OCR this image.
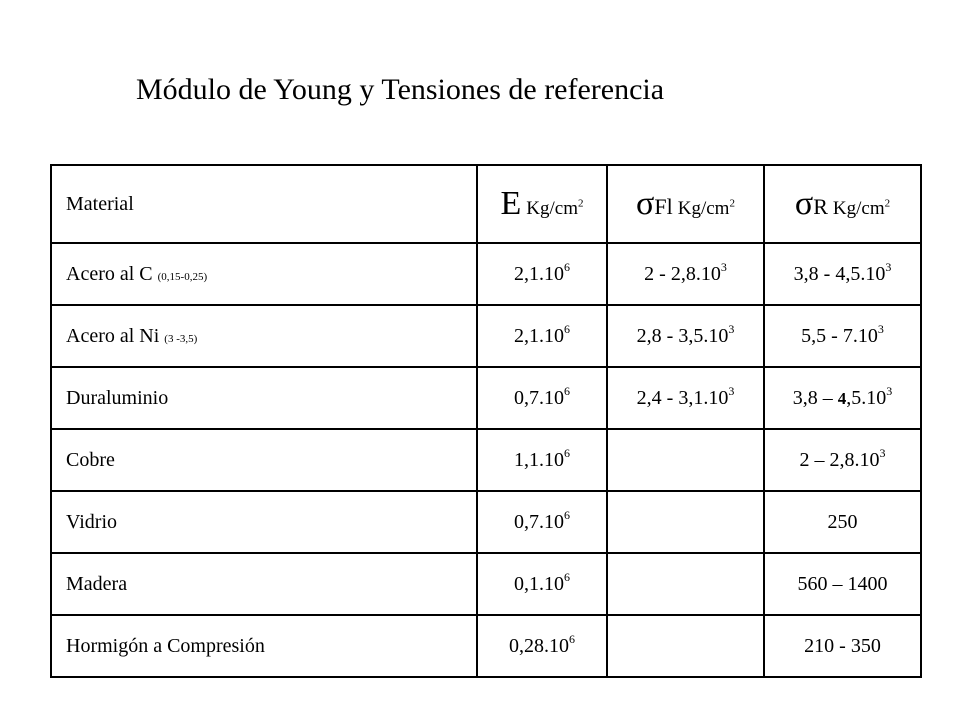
Módulo de Young y Tensiones de referencia
Material	E $Kg/cm^2$	σFl $Kg/cm^2$	σR $Kg/cm^2$
Acero al C (0,15-0,25)	2,1.10$^6$	2 - 2,8.10$^3$	3,8 - 4,5.10$^3$
Acero al Ni (3 -3,5)	2,1.10$^6$	2,8 - 3,5.10$^3$	5,5 - 7.10$^3$
Duraluminio	0,7.10$^6$	2,4 - 3,1.10$^3$	3,8 – 4,5.10$^3$
Cobre	1,1.10$^6$		2 – 2,8.10$^3$
Vidrio	0,7.10$^6$		250
Madera	0,1.10$^6$		560 – 1400
Hormigón a Compresión	0,28.10$^6$		210 - 350
